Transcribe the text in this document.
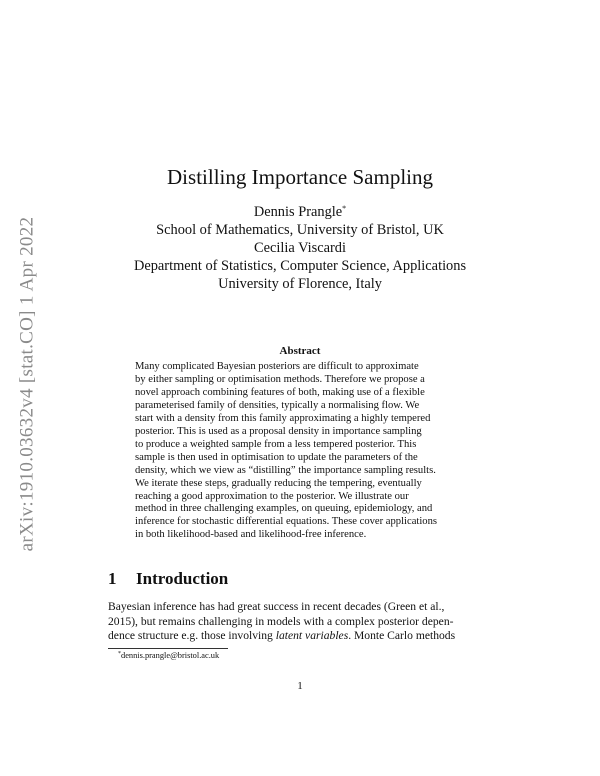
arXiv:1910.03632v4 [stat.CO] 1 Apr 2022
Distilling Importance Sampling
Dennis Prangle*
School of Mathematics, University of Bristol, UK
Cecilia Viscardi
Department of Statistics, Computer Science, Applications
University of Florence, Italy
Abstract
Many complicated Bayesian posteriors are difficult to approximate
by either sampling or optimisation methods. Therefore we propose a
novel approach combining features of both, making use of a flexible
parameterised family of densities, typically a normalising flow. We
start with a density from this family approximating a highly tempered
posterior. This is used as a proposal density in importance sampling
to produce a weighted sample from a less tempered posterior. This
sample is then used in optimisation to update the parameters of the
density, which we view as “distilling” the importance sampling results.
We iterate these steps, gradually reducing the tempering, eventually
reaching a good approximation to the posterior. We illustrate our
method in three challenging examples, on queuing, epidemiology, and
inference for stochastic differential equations. These cover applications
in both likelihood-based and likelihood-free inference.
1 Introduction
Bayesian inference has had great success in recent decades (Green et al.,
2015), but remains challenging in models with a complex posterior depen-
dence structure e.g. those involving latent variables. Monte Carlo methods
*dennis.prangle@bristol.ac.uk
1
